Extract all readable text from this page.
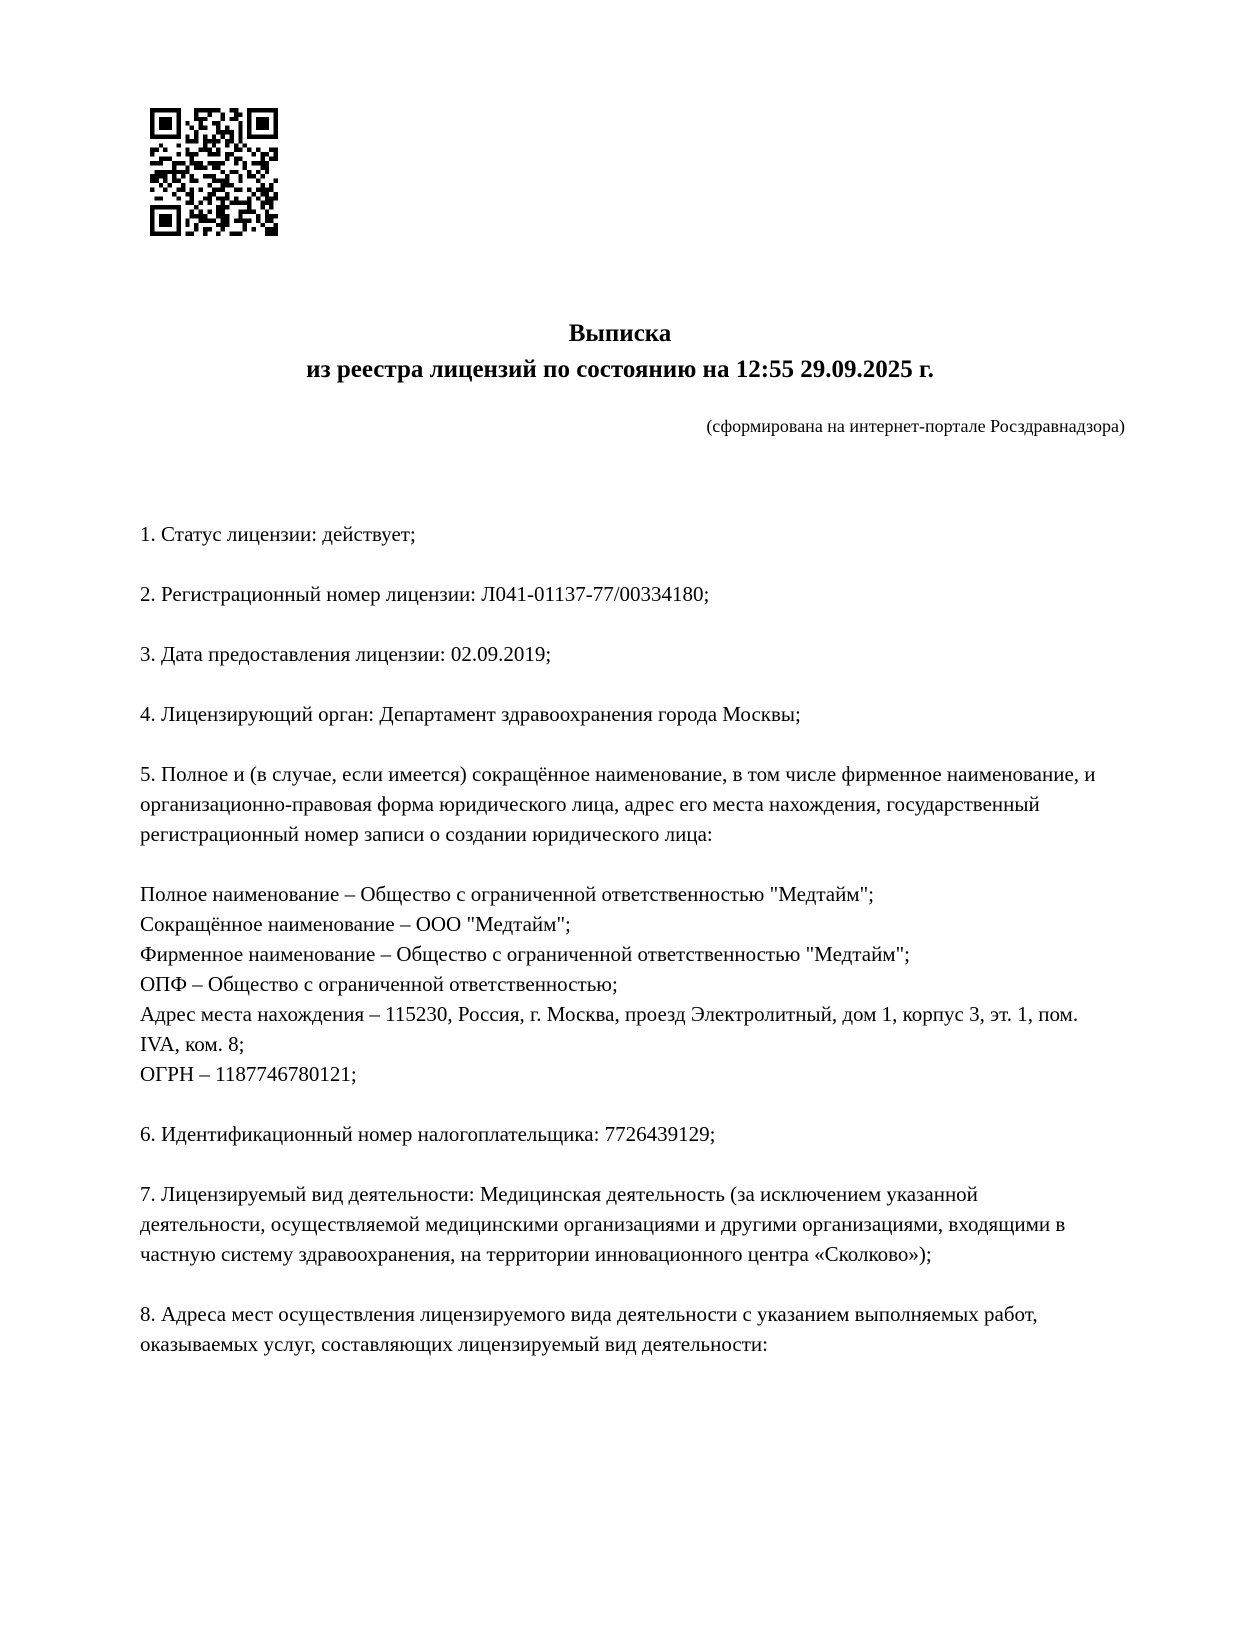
Выписка
из реестра лицензий по состоянию на 12:55 29.09.2025 г.
(сформирована на интернет-портале Росздравнадзора)

1. Статус лицензии: действует;

2. Регистрационный номер лицензии: Л041-01137-77/00334180;

3. Дата предоставления лицензии: 02.09.2019;

4. Лицензирующий орган: Департамент здравоохранения города Москвы;

5. Полное и (в случае, если имеется) сокращённое наименование, в том числе фирменное наименование, и организационно-правовая форма юридического лица, адрес его места нахождения, государственный регистрационный номер записи о создании юридического лица:

Полное наименование – Общество с ограниченной ответственностью "Медтайм";
Сокращённое наименование – ООО "Медтайм";
Фирменное наименование – Общество с ограниченной ответственностью "Медтайм";
ОПФ – Общество с ограниченной ответственностью;
Адрес места нахождения – 115230, Россия, г. Москва, проезд Электролитный, дом 1, корпус 3, эт. 1, пом. IVA, ком. 8;
ОГРН – 1187746780121;

6. Идентификационный номер налогоплательщика: 7726439129;

7. Лицензируемый вид деятельности: Медицинская деятельность (за исключением указанной деятельности, осуществляемой медицинскими организациями и другими организациями, входящими в частную систему здравоохранения, на территории инновационного центра «Сколково»);

8. Адреса мест осуществления лицензируемого вида деятельности с указанием выполняемых работ, оказываемых услуг, составляющих лицензируемый вид деятельности:
